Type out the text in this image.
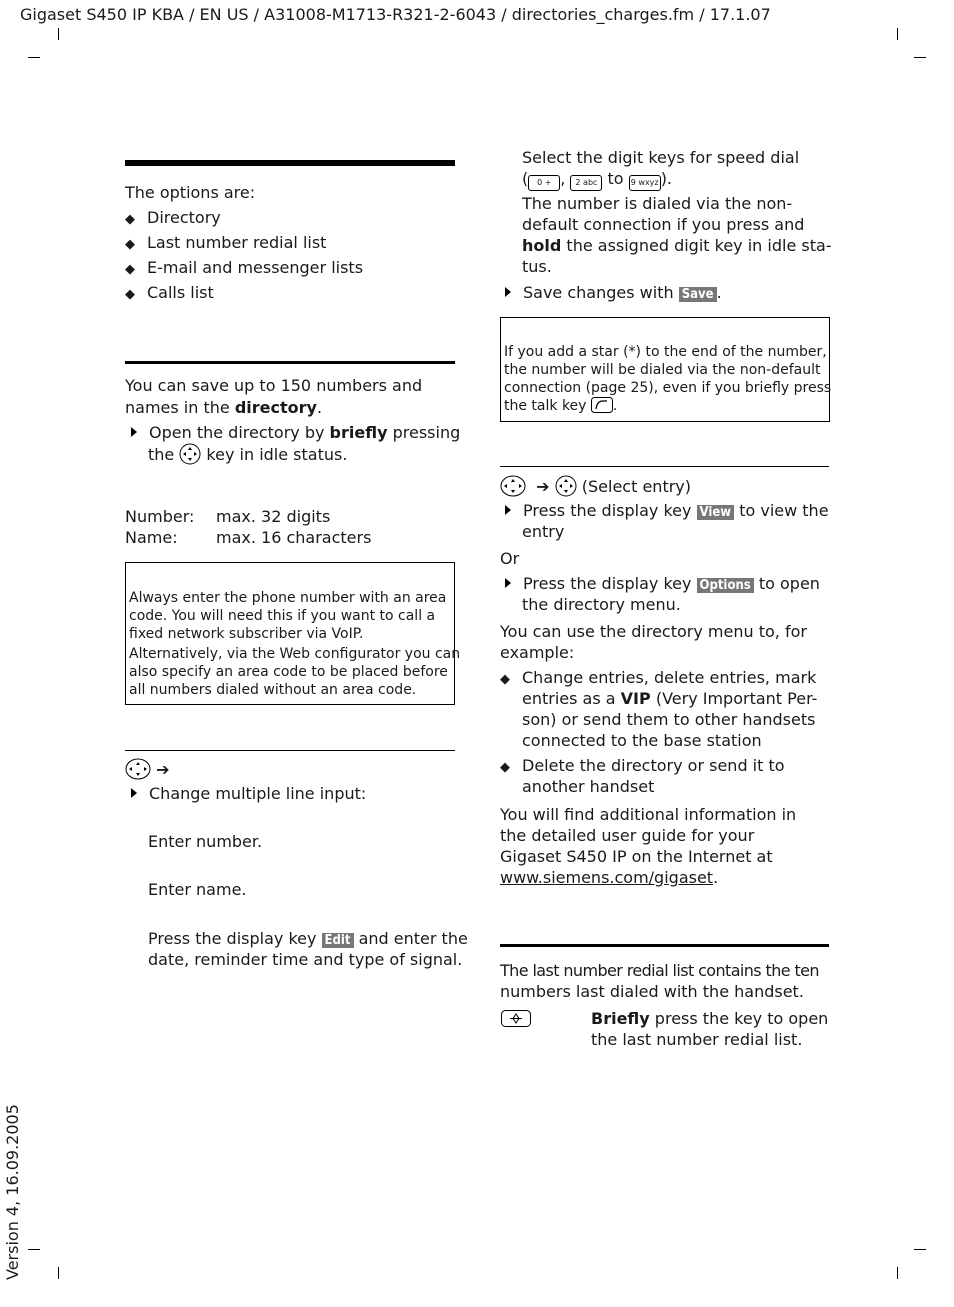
Gigaset S450 IP KBA / EN US / A31008-M1713-R321-2-6043 / directories_charges.fm / 17.1.07
Version 4, 16.09.2005
The options are:
◆ Directory
◆ Last number redial list
◆ E-mail and messenger lists
◆ Calls list
You can save up to 150 numbers and
names in the directory.
Open the directory by briefly pressing
the  key in idle status.
Number: max. 32 digits
Name: max. 16 characters
Always enter the phone number with an area
code. You will need this if you want to call a
fixed network subscriber via VoIP.
Alternatively, via the Web configurator you can
also specify an area code to be placed before
all numbers dialed without an area code.
➔
Change multiple line input:
Enter number.
Enter name.
Press the display key Edit and enter the
date, reminder time and type of signal.
Select the digit keys for speed dial
( 0 + , 2 abc to 9 wxyz ).
The number is dialed via the non-
default connection if you press and
hold the assigned digit key in idle sta-
tus.
Save changes with Save .
If you add a star (*) to the end of the number,
the number will be dialed via the non-default
connection (page 25), even if you briefly press
the talk key .
➔ (Select entry)
Press the display key View to view the
entry
Or
Press the display key Options to open
the directory menu.
You can use the directory menu to, for
example:
◆ Change entries, delete entries, mark
entries as a VIP (Very Important Per-
son) or send them to other handsets
connected to the base station
◆ Delete the directory or send it to
another handset
You will find additional information in
the detailed user guide for your
Gigaset S450 IP on the Internet at
www.siemens.com/gigaset.
The last number redial list contains the ten
numbers last dialed with the handset.
Briefly press the key to open
the last number redial list.
